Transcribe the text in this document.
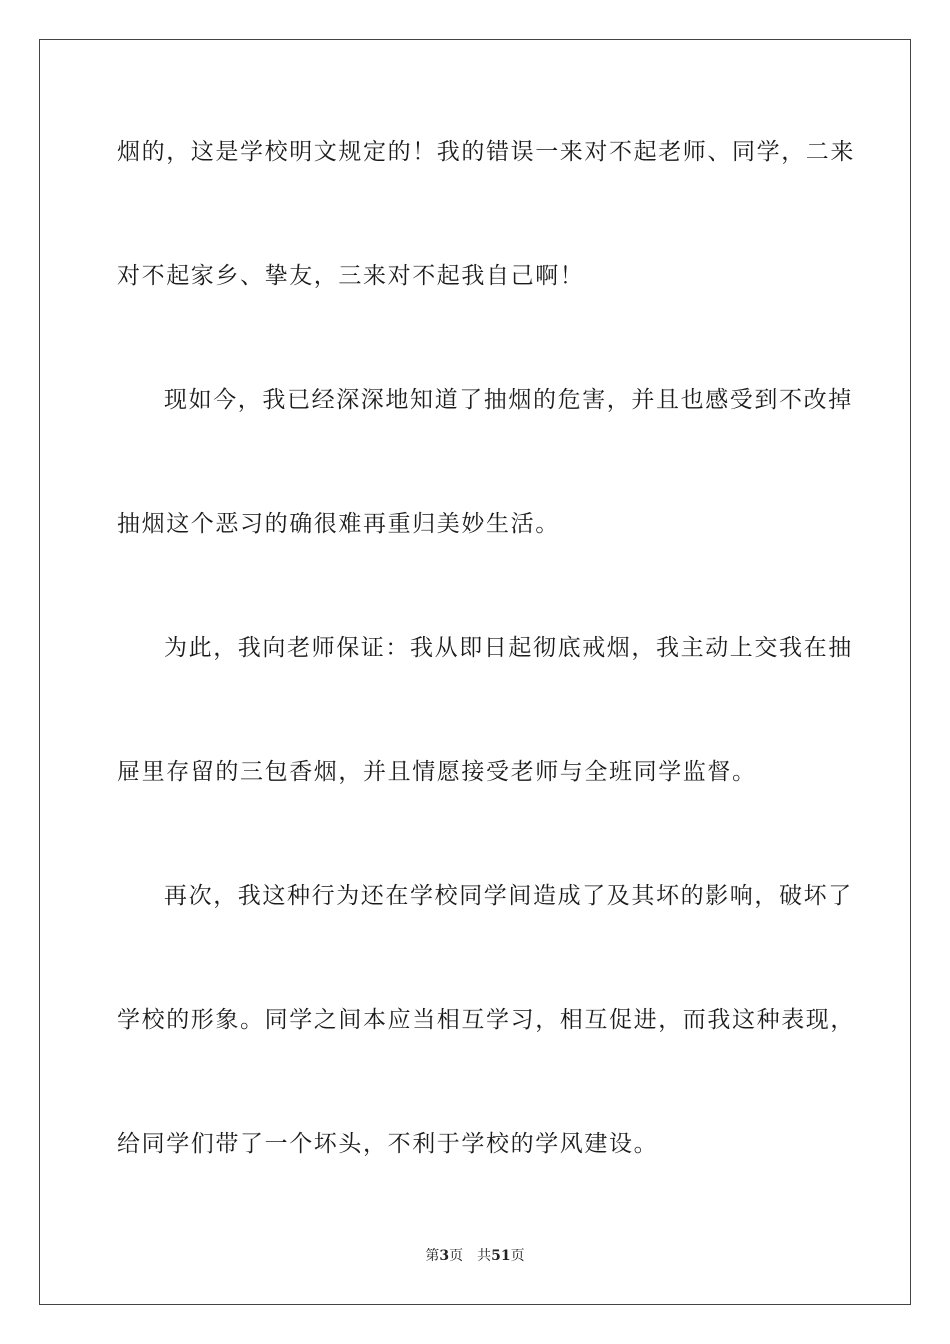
烟的，这是学校明文规定的！我的错误一来对不起老师、同学，二来
对不起家乡、挚友，三来对不起我自己啊！
现如今，我已经深深地知道了抽烟的危害，并且也感受到不改掉
抽烟这个恶习的确很难再重归美妙生活。
为此，我向老师保证：我从即日起彻底戒烟，我主动上交我在抽
屉里存留的三包香烟，并且情愿接受老师与全班同学监督。
再次，我这种行为还在学校同学间造成了及其坏的影响，破坏了
学校的形象。同学之间本应当相互学习，相互促进，而我这种表现，
给同学们带了一个坏头，不利于学校的学风建设。
第3页 共51页
